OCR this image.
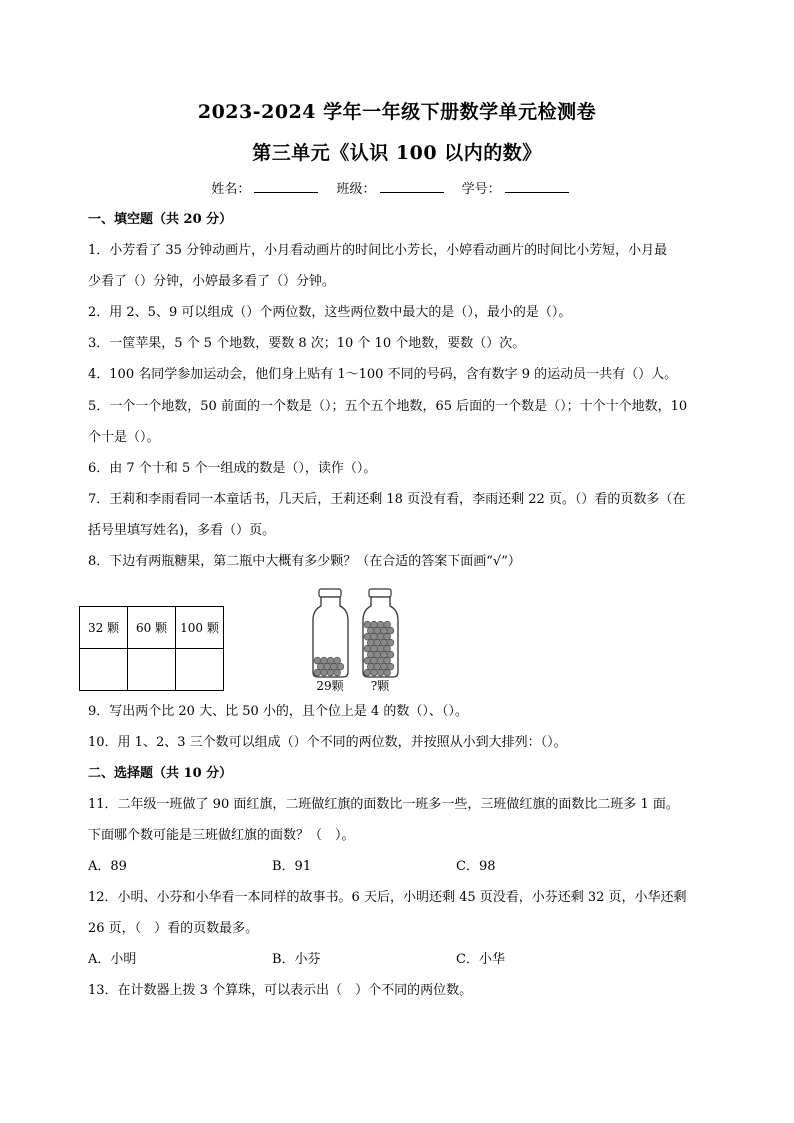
2023-2024 学年一年级下册数学单元检测卷
第三单元《认识 100 以内的数》
姓名：	班级：	学号：
一、填空题（共 20 分）
1．小芳看了 35 分钟动画片，小月看动画片的时间比小芳长，小婷看动画片的时间比小芳短，小月最
少看了（）分钟，小婷最多看了（）分钟。
2．用 2、5、9 可以组成（）个两位数，这些两位数中最大的是（），最小的是（）。
3．一筐苹果，5 个 5 个地数，要数 8 次；10 个 10 个地数，要数（）次。
4．100 名同学参加运动会，他们身上贴有 1～100 不同的号码，含有数字 9 的运动员一共有（）人。
5．一个一个地数，50 前面的一个数是（）；五个五个地数，65 后面的一个数是（）；十个十个地数，10
个十是（）。
6．由 7 个十和 5 个一组成的数是（），读作（）。
7．王莉和李雨看同一本童话书，几天后，王莉还剩 18 页没有看，李雨还剩 22 页。（）看的页数多（在
括号里填写姓名)，多看（）页。
8．下边有两瓶糖果，第二瓶中大概有多少颗？（在合适的答案下面画“√”）
32 颗	60 颗	100 颗

29颗 ?颗
9．写出两个比 20 大、比 50 小的，且个位上是 4 的数（）、（）。
10．用 1、2、3 三个数可以组成（）个不同的两位数，并按照从小到大排列：（）。
二、选择题（共 10 分）
11．二年级一班做了 90 面红旗，二班做红旗的面数比一班多一些，三班做红旗的面数比二班多 1 面。
下面哪个数可能是三班做红旗的面数？（　）。
A．89	B．91	C．98
12．小明、小芬和小华看一本同样的故事书。6 天后，小明还剩 45 页没看，小芬还剩 32 页，小华还剩
26 页，（　）看的页数最多。
A．小明	B．小芬	C．小华
13．在计数器上拨 3 个算珠，可以表示出（　）个不同的两位数。
